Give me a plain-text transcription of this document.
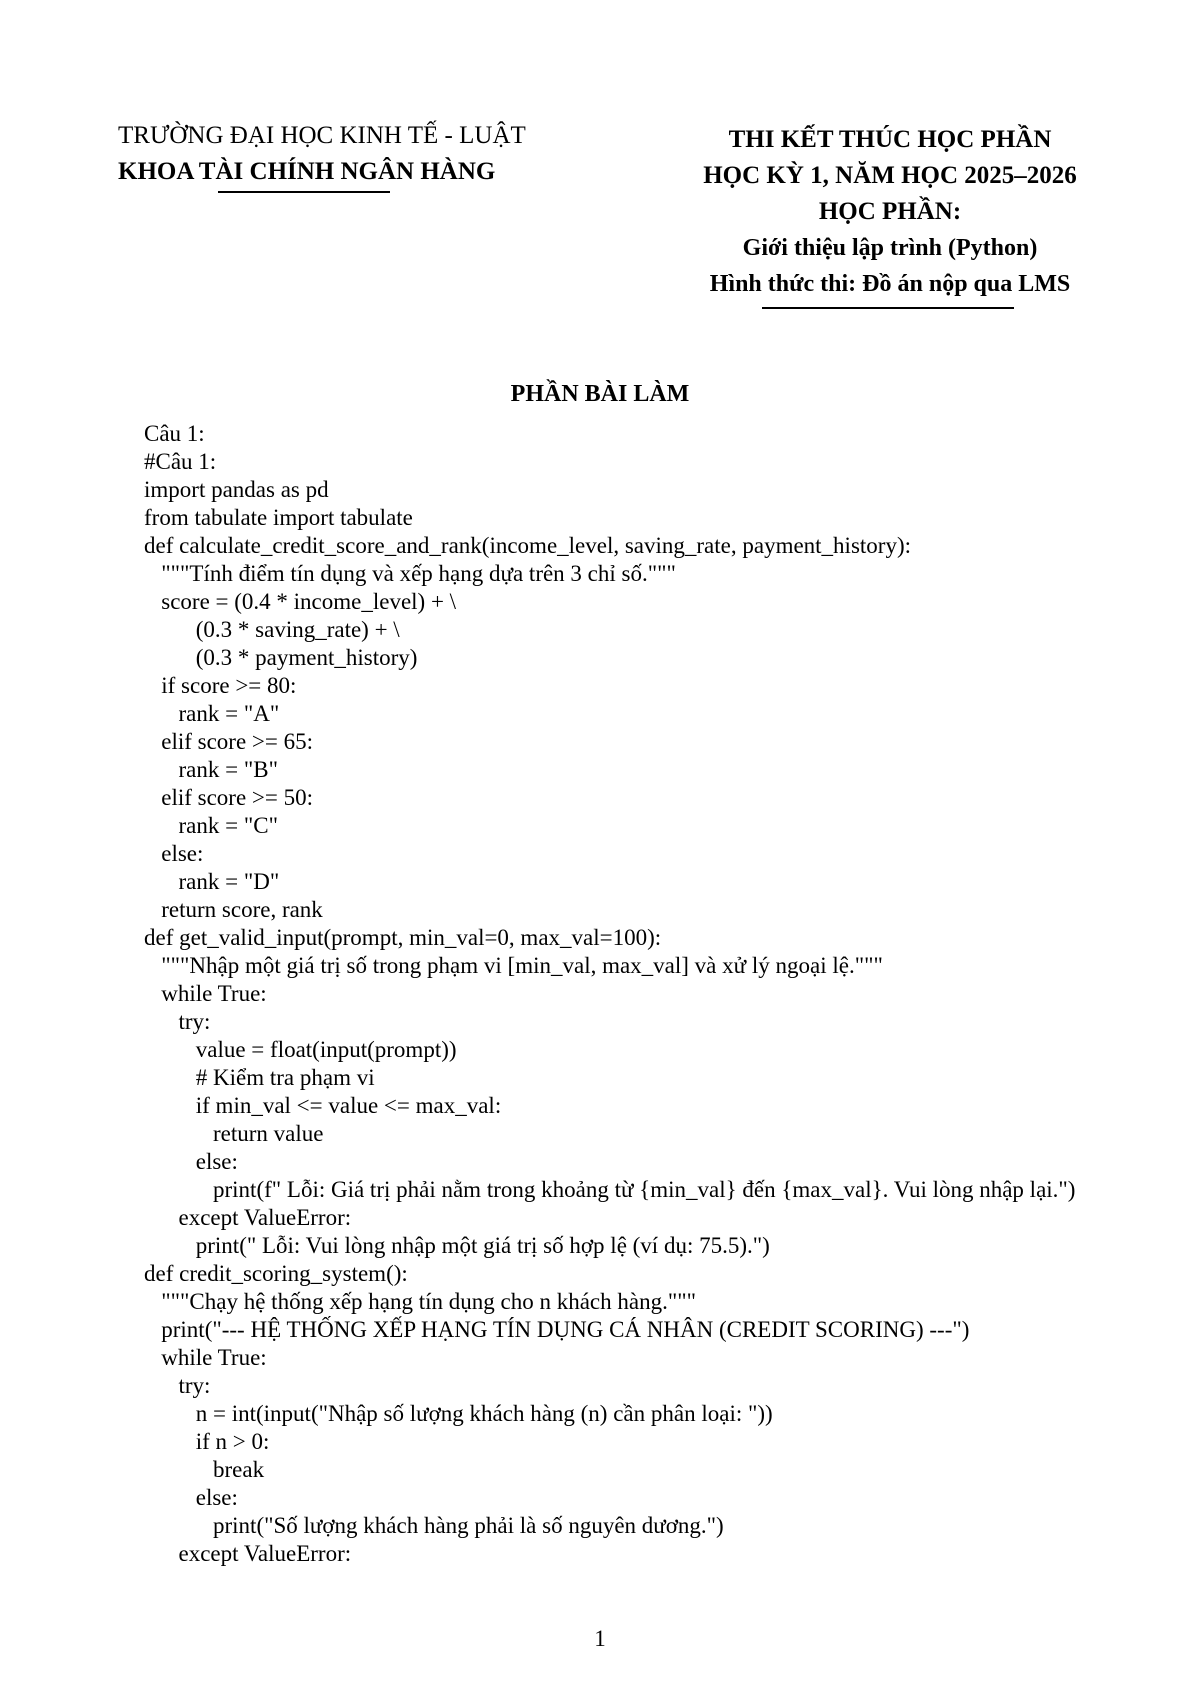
TRƯỜNG ĐẠI HỌC KINH TẾ - LUẬT
KHOA TÀI CHÍNH NGÂN HÀNG
THI KẾT THÚC HỌC PHẦN
HỌC KỲ 1, NĂM HỌC 2025–2026
HỌC PHẦN:
Giới thiệu lập trình (Python)
Hình thức thi: Đồ án nộp qua LMS
PHẦN BÀI LÀM
Câu 1:
#Câu 1:
import pandas as pd
from tabulate import tabulate
def calculate_credit_score_and_rank(income_level, saving_rate, payment_history):
"""Tính điểm tín dụng và xếp hạng dựa trên 3 chỉ số."""
score = (0.4 * income_level) + \
(0.3 * saving_rate) + \
(0.3 * payment_history)
if score >= 80:
rank = "A"
elif score >= 65:
rank = "B"
elif score >= 50:
rank = "C"
else:
rank = "D"
return score, rank
def get_valid_input(prompt, min_val=0, max_val=100):
"""Nhập một giá trị số trong phạm vi [min_val, max_val] và xử lý ngoại lệ."""
while True:
try:
value = float(input(prompt))
# Kiểm tra phạm vi
if min_val <= value <= max_val:
return value
else:
print(f" Lỗi: Giá trị phải nằm trong khoảng từ {min_val} đến {max_val}. Vui lòng nhập lại.")
except ValueError:
print(" Lỗi: Vui lòng nhập một giá trị số hợp lệ (ví dụ: 75.5).")
def credit_scoring_system():
"""Chạy hệ thống xếp hạng tín dụng cho n khách hàng."""
print("--- HỆ THỐNG XẾP HẠNG TÍN DỤNG CÁ NHÂN (CREDIT SCORING) ---")
while True:
try:
n = int(input("Nhập số lượng khách hàng (n) cần phân loại: "))
if n > 0:
break
else:
print("Số lượng khách hàng phải là số nguyên dương.")
except ValueError:
1
